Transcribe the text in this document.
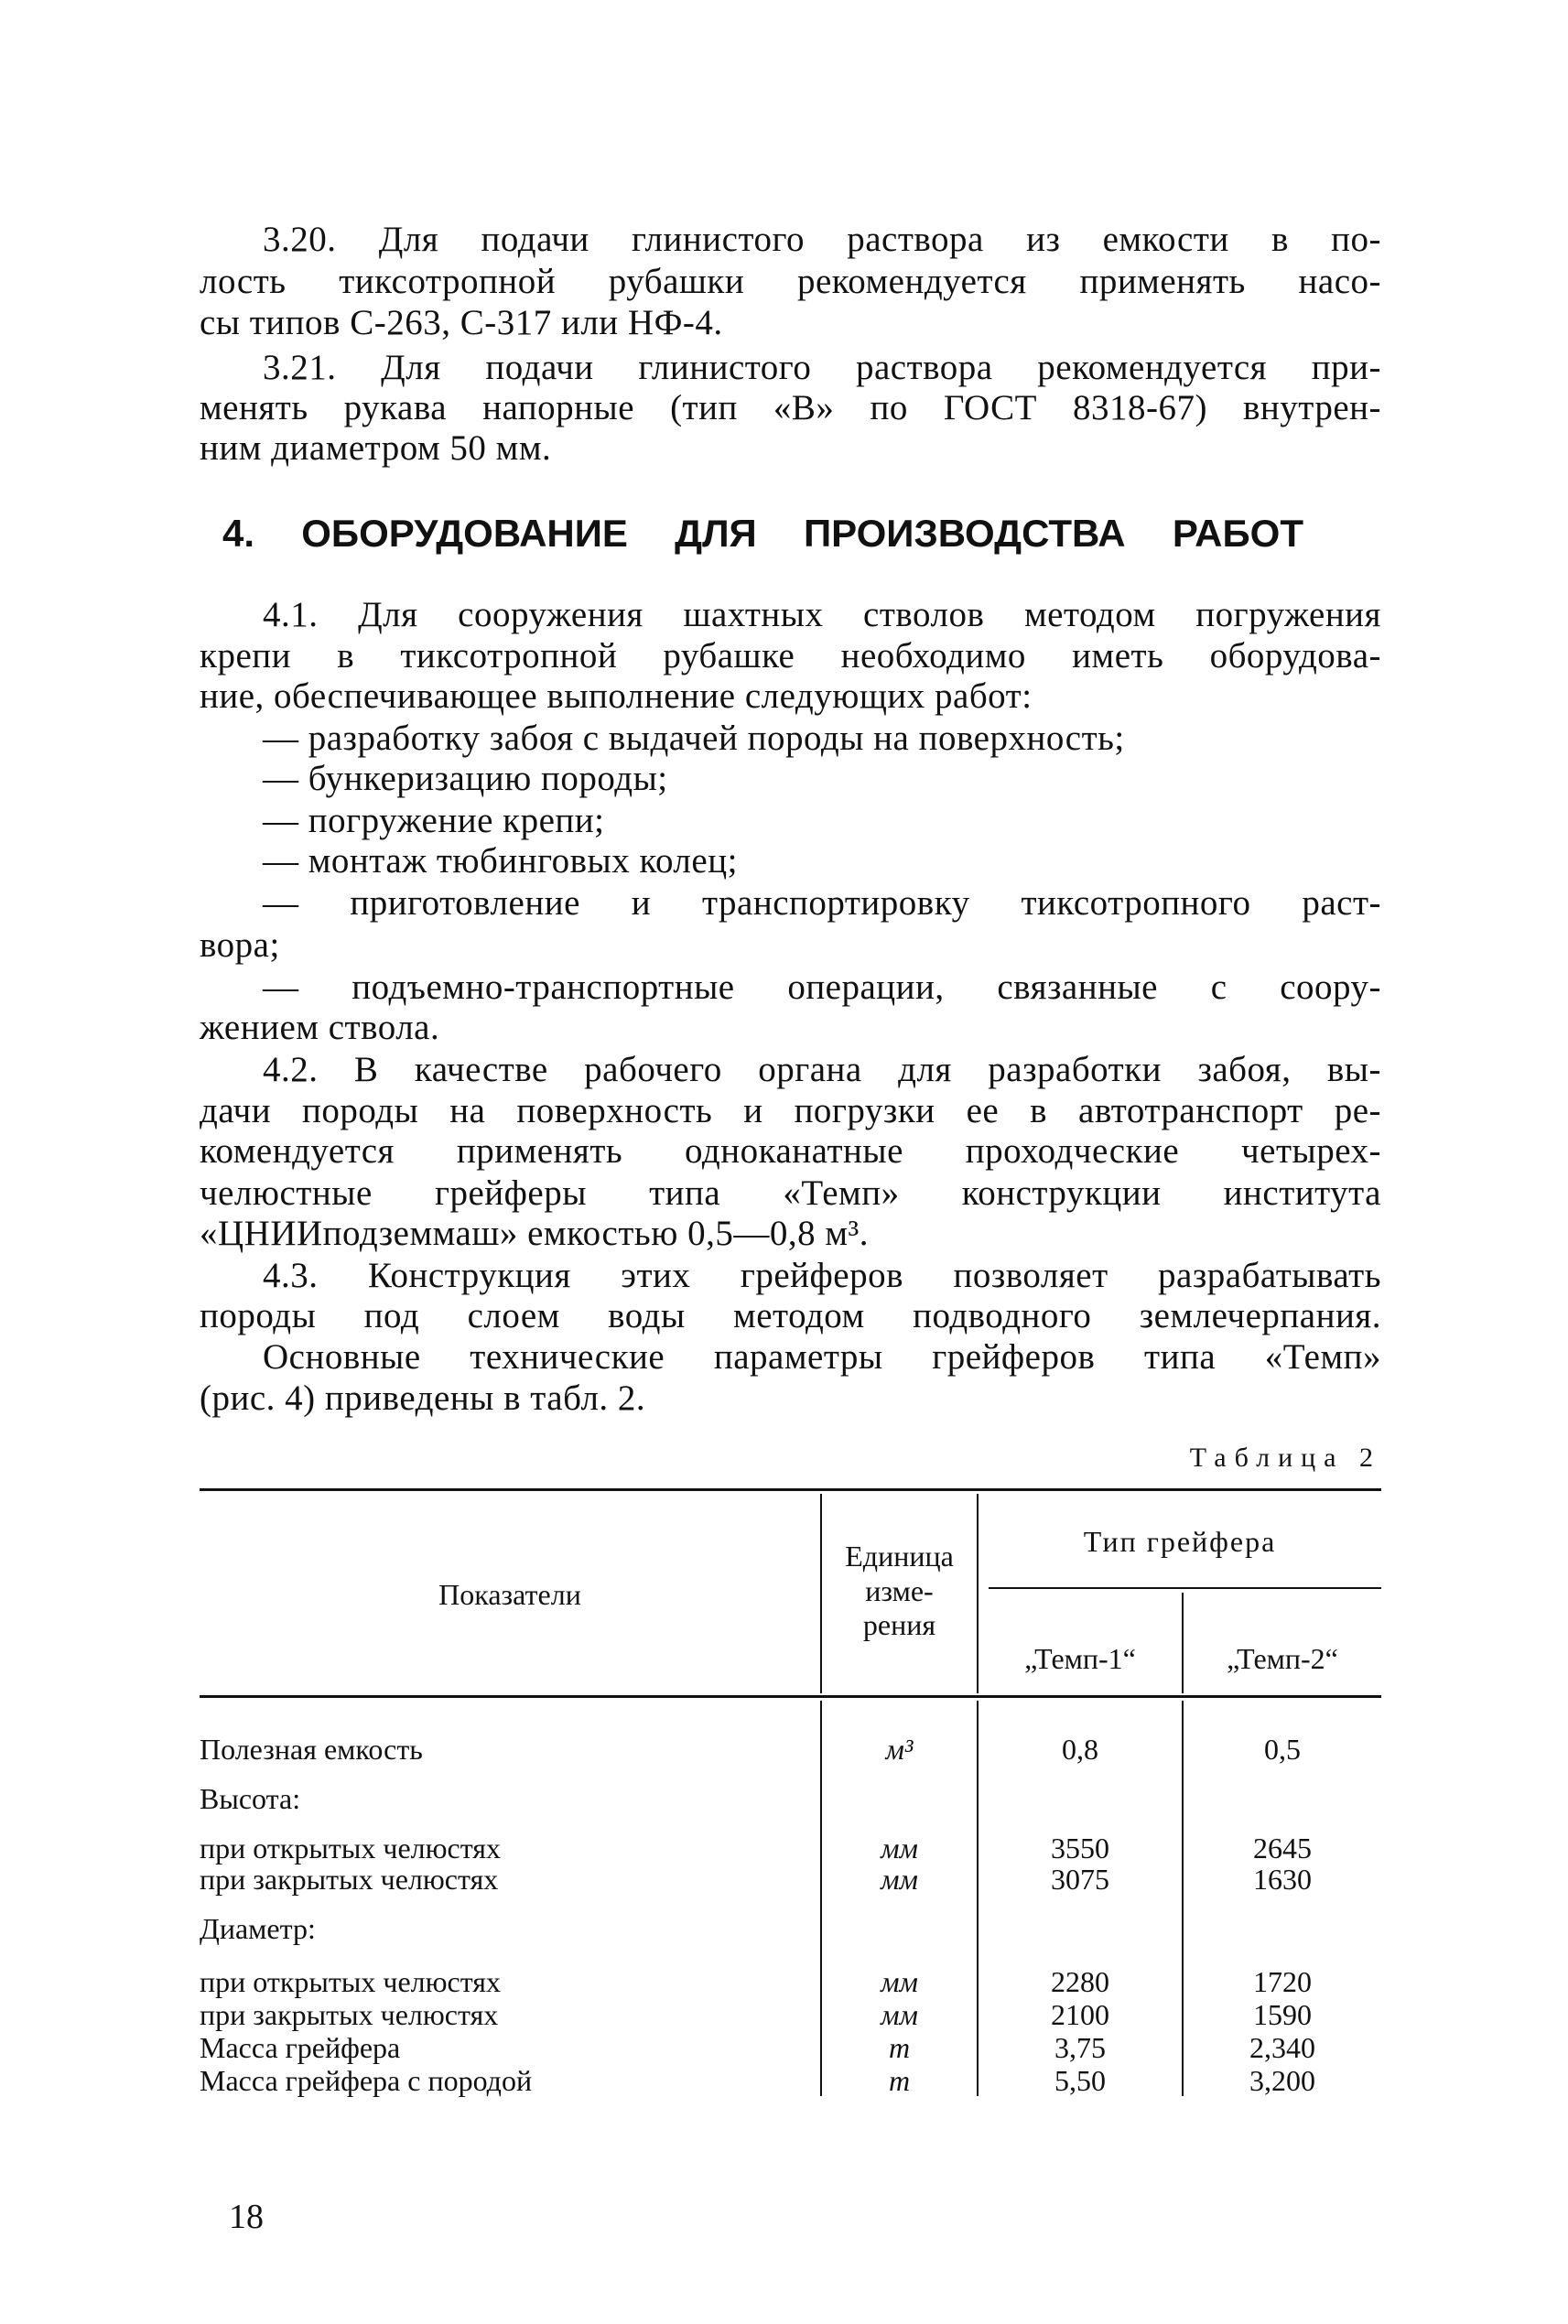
3.20. Для подачи глинистого раствора из емкости в по-
лость тиксотропной рубашки рекомендуется применять насо-
сы типов С-263, С-317 или НФ-4.
3.21. Для подачи глинистого раствора рекомендуется при-
менять рукава напорные (тип «В» по ГОСТ 8318-67) внутрен-
ним диаметром 50 мм.
4.1. Для сооружения шахтных стволов методом погружения
крепи в тиксотропной рубашке необходимо иметь оборудова-
ние, обеспечивающее выполнение следующих работ:
— разработку забоя с выдачей породы на поверхность;
— бункеризацию породы;
— погружение крепи;
— монтаж тюбинговых колец;
— приготовление и транспортировку тиксотропного раст-
вора;
— подъемно-транспортные операции, связанные с соору-
жением ствола.
4.2. В качестве рабочего органа для разработки забоя, вы-
дачи породы на поверхность и погрузки ее в автотранспорт ре-
комендуется применять одноканатные проходческие четырех-
челюстные грейферы типа «Темп» конструкции института
«ЦНИИподземмаш» емкостью 0,5—0,8 м³.
4.3. Конструкция этих грейферов позволяет разрабатывать
породы под слоем воды методом подводного землечерпания.
Основные технические параметры грейферов типа «Темп»
(рис. 4) приведены в табл. 2.
4. ОБОРУДОВАНИЕ ДЛЯ ПРОИЗВОДСТВА РАБОТ
Таблица 2
Показатели
Единица
изме-
рения
Тип грейфера
„Темп-1“	„Темп-2“
Полезная емкость	м³	0,8	0,5
Высота:
при открытых челюстях	мм	3550	2645
при закрытых челюстях	мм	3075	1630
Диаметр:
при открытых челюстях	мм	2280	1720
при закрытых челюстях	мм	2100	1590
Масса грейфера	т	3,75	2,340
Масса грейфера с породой	т	5,50	3,200
18
